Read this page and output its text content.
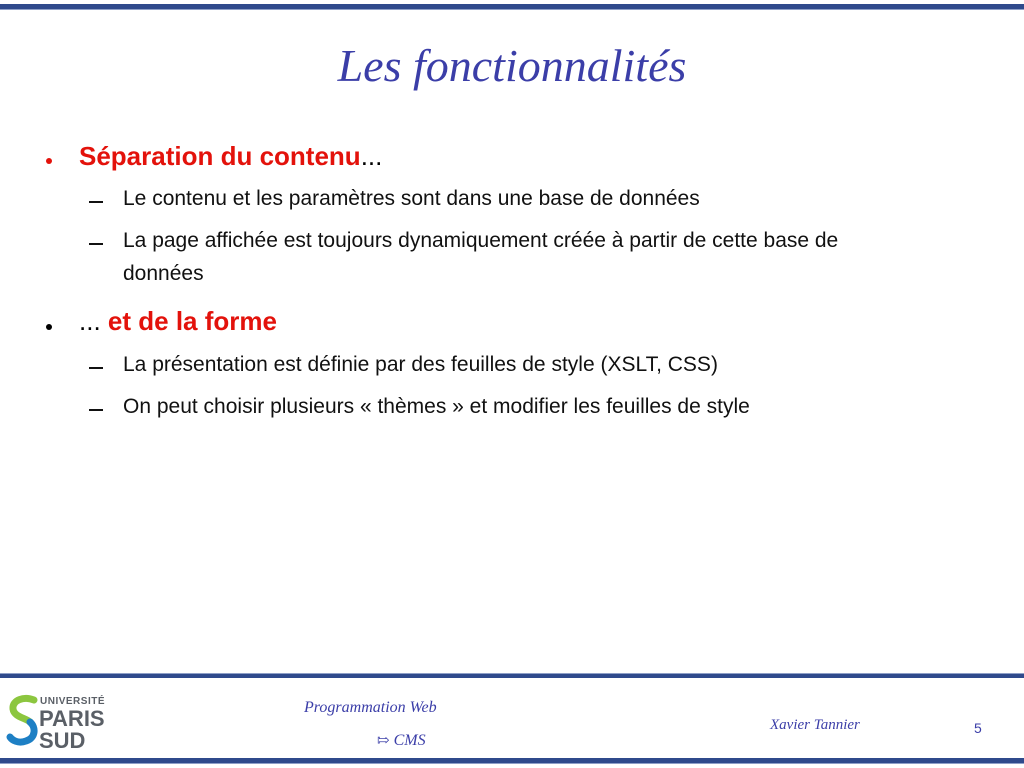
Les fonctionnalités
Séparation du contenu...
Le contenu et les paramètres sont dans une base de données
La page affichée est toujours dynamiquement créée à partir de cette base de
données
... et de la forme
La présentation est définie par des feuilles de style (XSLT, CSS)
On peut choisir plusieurs « thèmes » et modifier les feuilles de style
UNIVERSITÉ
PARIS
SUD
Programmation Web
⇰ CMS
Xavier Tannier	5
